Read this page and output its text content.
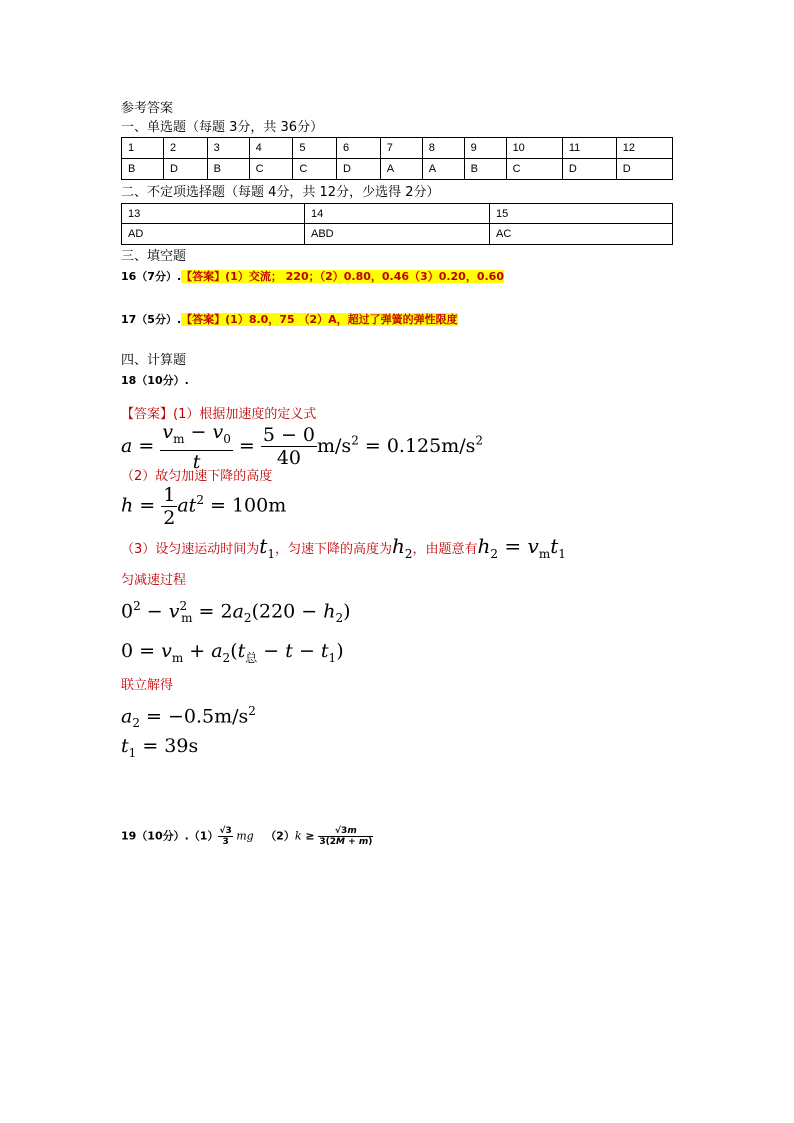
参考答案
一、单选题（每题 3分，共 36分）
1	2	3	4	5	6	7	8	9	10	11	12
B	D	B	C	C	D	A	A	B	C	D	D
二、不定项选择题（每题 4分，共 12分，少选得 2分）
13	14	15
AD	ABD	AC
三、填空题
16（7分）.【答案】(1）交流； 220；（2）0.80，0.46（3）0.20，0.60
17（5分）.【答案】(1）8.0，75 （2）A，超过了弹簧的弹性限度
四、计算题
18（10分）.
【答案】(1）根据加速度的定义式
$a = \frac{v_m - v_0}{t} = \frac{5 - 0}{40} m/s^2 = 0.125m/s^2$
（2）故匀加速下降的高度
$h = \frac{1}{2} at^2 = 100m$
（3）设匀速运动时间为$t_1$，匀速下降的高度为$h_2$，由题意有$h_2 = v_mt_1$
匀减速过程
$0^2 - v^2_m = 2a_2(220 - h_2)$
$0 = v_m + a_2(t_总 - t - t_1)$
联立解得
$a_2 = -0.5m/s^2$
$t_1 = 39s$
19（10分）$.(1) \frac{√3}{3}$ mg $(2)k \ge \frac{√3m}{3(2M + m)}$
